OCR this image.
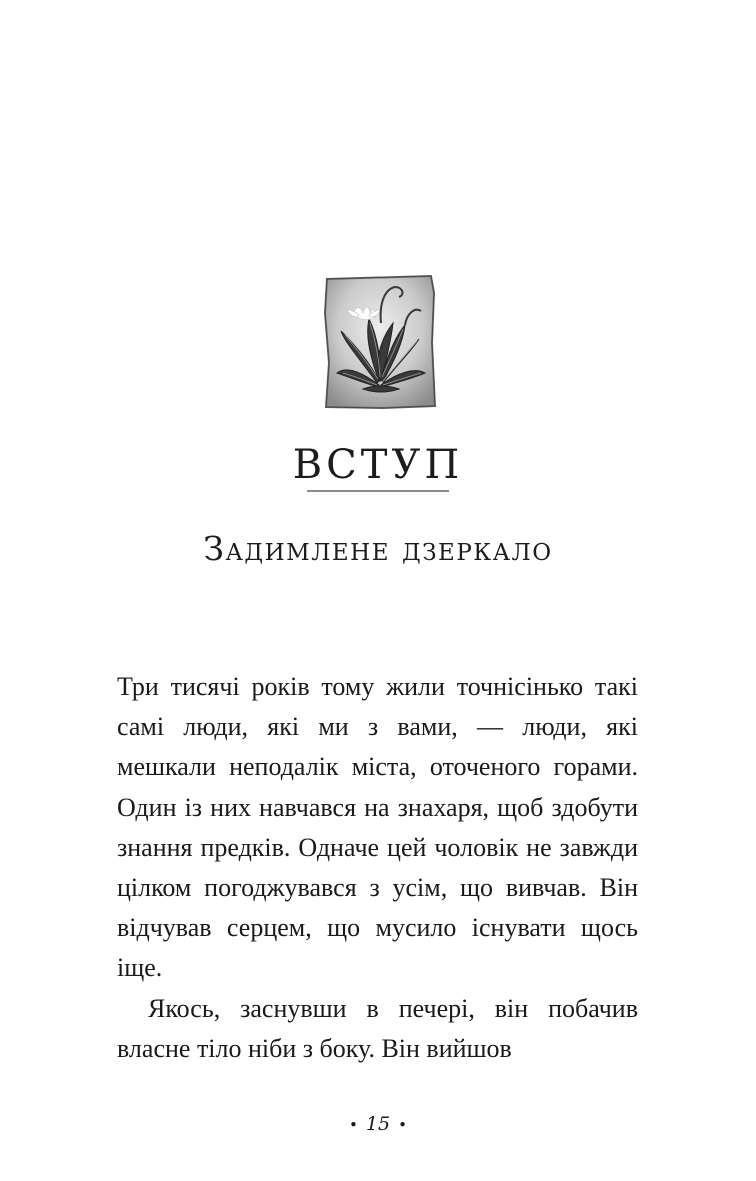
ВСТУП
Задимлене дзеркало

Три тисячі років тому жили точнісінько такі самі люди, які ми з вами, — люди, які мешкали неподалік міста, оточеного горами. Один із них навчався на знахаря, щоб здобути знання предків. Одначе цей чоловік не завжди цілком погоджувався з усім, що вивчав. Він відчував серцем, що мусило існувати щось іще.

Якось, заснувши в печері, він побачив власне тіло ніби з боку. Він вийшов

• 15 •
